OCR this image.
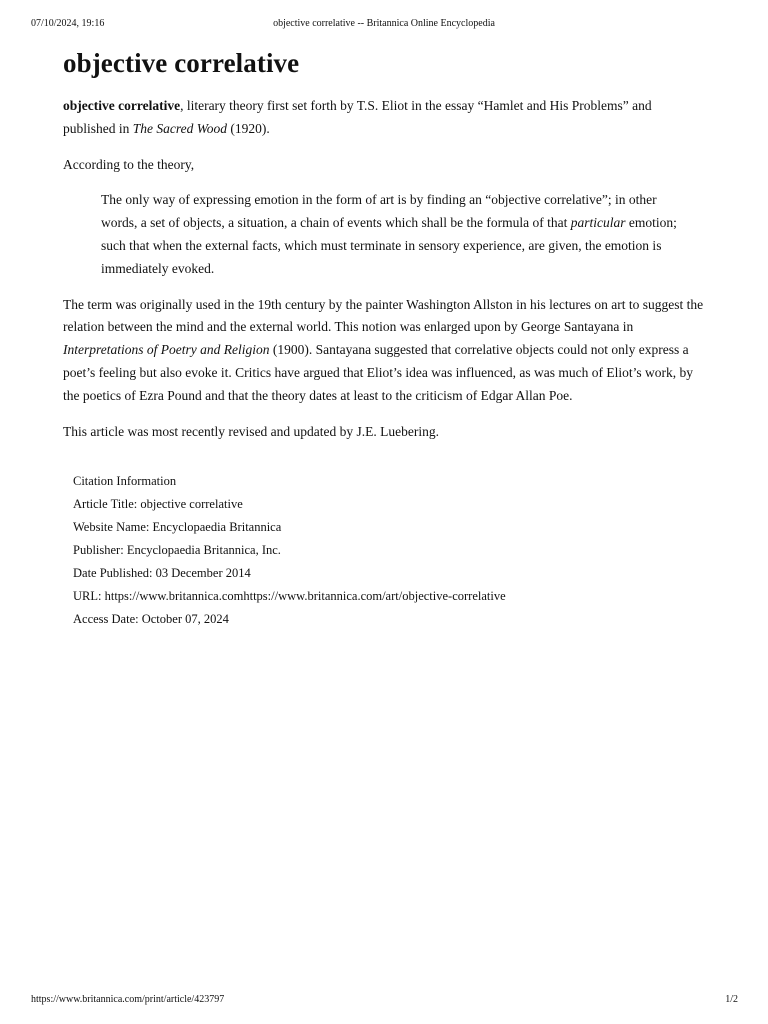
07/10/2024, 19:16	objective correlative -- Britannica Online Encyclopedia
objective correlative

objective correlative, literary theory first set forth by T.S. Eliot in the essay “Hamlet and His Problems” and published in The Sacred Wood (1920).

According to the theory,

The only way of expressing emotion in the form of art is by finding an “objective correlative”; in other words, a set of objects, a situation, a chain of events which shall be the formula of that particular emotion; such that when the external facts, which must terminate in sensory experience, are given, the emotion is immediately evoked.

The term was originally used in the 19th century by the painter Washington Allston in his lectures on art to suggest the relation between the mind and the external world. This notion was enlarged upon by George Santayana in Interpretations of Poetry and Religion (1900). Santayana suggested that correlative objects could not only express a poet’s feeling but also evoke it. Critics have argued that Eliot’s idea was influenced, as was much of Eliot’s work, by the poetics of Ezra Pound and that the theory dates at least to the criticism of Edgar Allan Poe.

This article was most recently revised and updated by J.E. Luebering.

Citation Information
Article Title: objective correlative
Website Name: Encyclopaedia Britannica
Publisher: Encyclopaedia Britannica, Inc.
Date Published: 03 December 2014
URL: https://www.britannica.comhttps://www.britannica.com/art/objective-correlative
Access Date: October 07, 2024
https://www.britannica.com/print/article/423797	1/2
